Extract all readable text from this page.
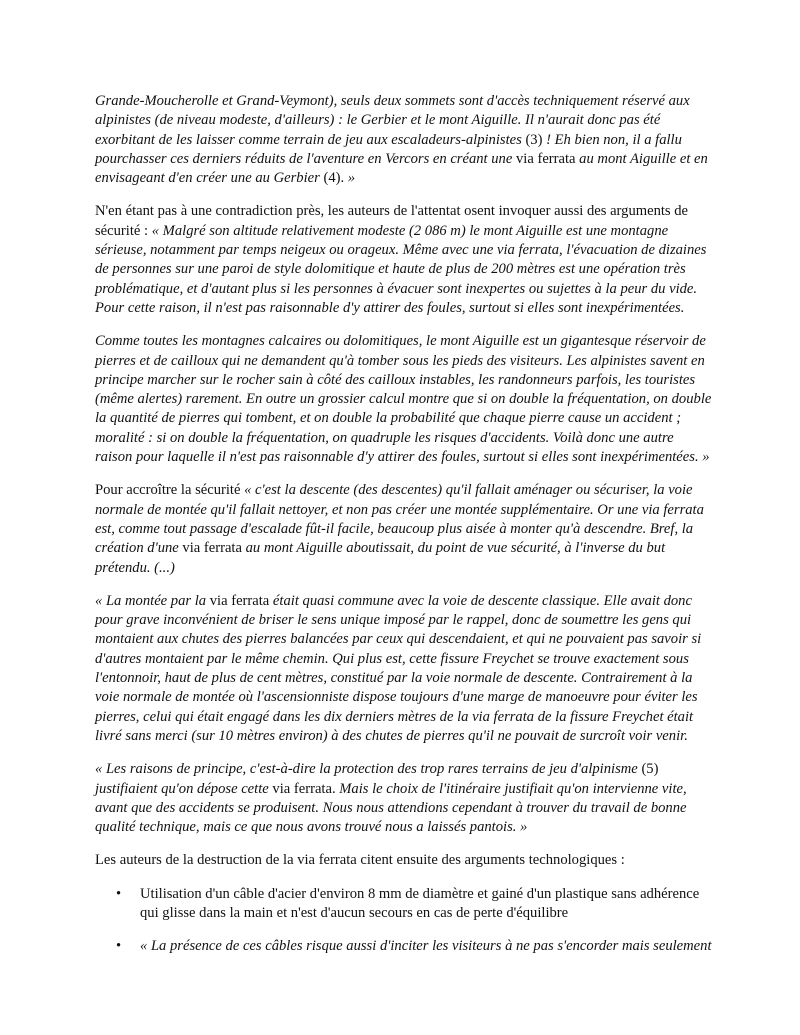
Grande-Moucherolle et Grand-Veymont), seuls deux sommets sont d'accès techniquement réservé aux alpinistes (de niveau modeste, d'ailleurs) : le Gerbier et le mont Aiguille. Il n'aurait donc pas été exorbitant de les laisser comme terrain de jeu aux escaladeurs-alpinistes (3) ! Eh bien non, il a fallu pourchasser ces derniers réduits de l'aventure en Vercors en créant une via ferrata au mont Aiguille et en envisageant d'en créer une au Gerbier (4). »

N'en étant pas à une contradiction près, les auteurs de l'attentat osent invoquer aussi des arguments de sécurité : « Malgré son altitude relativement modeste (2 086 m) le mont Aiguille est une montagne sérieuse, notamment par temps neigeux ou orageux. Même avec une via ferrata, l'évacuation de dizaines de personnes sur une paroi de style dolomitique et haute de plus de 200 mètres est une opération très problématique, et d'autant plus si les personnes à évacuer sont inexpertes ou sujettes à la peur du vide. Pour cette raison, il n'est pas raisonnable d'y attirer des foules, surtout si elles sont inexpérimentées.

Comme toutes les montagnes calcaires ou dolomitiques, le mont Aiguille est un gigantesque réservoir de pierres et de cailloux qui ne demandent qu'à tomber sous les pieds des visiteurs. Les alpinistes savent en principe marcher sur le rocher sain à côté des cailloux instables, les randonneurs parfois, les touristes (même alertes) rarement. En outre un grossier calcul montre que si on double la fréquentation, on double la quantité de pierres qui tombent, et on double la probabilité que chaque pierre cause un accident ; moralité : si on double la fréquentation, on quadruple les risques d'accidents. Voilà donc une autre raison pour laquelle il n'est pas raisonnable d'y attirer des foules, surtout si elles sont inexpérimentées. »

Pour accroître la sécurité « c'est la descente (des descentes) qu'il fallait aménager ou sécuriser, la voie normale de montée qu'il fallait nettoyer, et non pas créer une montée supplémentaire. Or une via ferrata est, comme tout passage d'escalade fût-il facile, beaucoup plus aisée à monter qu'à descendre. Bref, la création d'une via ferrata au mont Aiguille aboutissait, du point de vue sécurité, à l'inverse du but prétendu. (...)

« La montée par la via ferrata était quasi commune avec la voie de descente classique. Elle avait donc pour grave inconvénient de briser le sens unique imposé par le rappel, donc de soumettre les gens qui montaient aux chutes des pierres balancées par ceux qui descendaient, et qui ne pouvaient pas savoir si d'autres montaient par le même chemin. Qui plus est, cette fissure Freychet se trouve exactement sous l'entonnoir, haut de plus de cent mètres, constitué par la voie normale de descente. Contrairement à la voie normale de montée où l'ascensionniste dispose toujours d'une marge de manoeuvre pour éviter les pierres, celui qui était engagé dans les dix derniers mètres de la via ferrata de la fissure Freychet était livré sans merci (sur 10 mètres environ) à des chutes de pierres qu'il ne pouvait de surcroît voir venir.

« Les raisons de principe, c'est-à-dire la protection des trop rares terrains de jeu d'alpinisme (5) justifiaient qu'on dépose cette via ferrata. Mais le choix de l'itinéraire justifiait qu'on intervienne vite, avant que des accidents se produisent. Nous nous attendions cependant à trouver du travail de bonne qualité technique, mais ce que nous avons trouvé nous a laissés pantois. »

Les auteurs de la destruction de la via ferrata citent ensuite des arguments technologiques :

• Utilisation d'un câble d'acier d'environ 8 mm de diamètre et gainé d'un plastique sans adhérence qui glisse dans la main et n'est d'aucun secours en cas de perte d'équilibre
• « La présence de ces câbles risque aussi d'inciter les visiteurs à ne pas s'encorder mais seulement
